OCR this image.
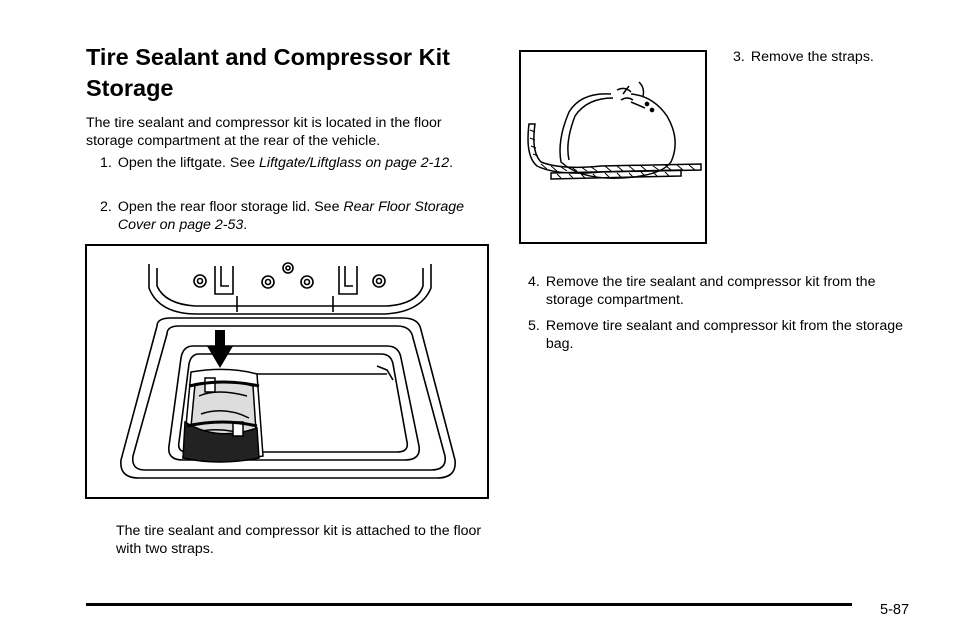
Tire Sealant and Compressor Kit Storage

The tire sealant and compressor kit is located in the floor storage compartment at the rear of the vehicle.

1. Open the liftgate. See Liftgate/Liftglass on page 2-12.
2. Open the rear floor storage lid. See Rear Floor Storage Cover on page 2-53.

The tire sealant and compressor kit is attached to the floor with two straps.

3. Remove the straps.
4. Remove the tire sealant and compressor kit from the storage compartment.
5. Remove tire sealant and compressor kit from the storage bag.
5-87
